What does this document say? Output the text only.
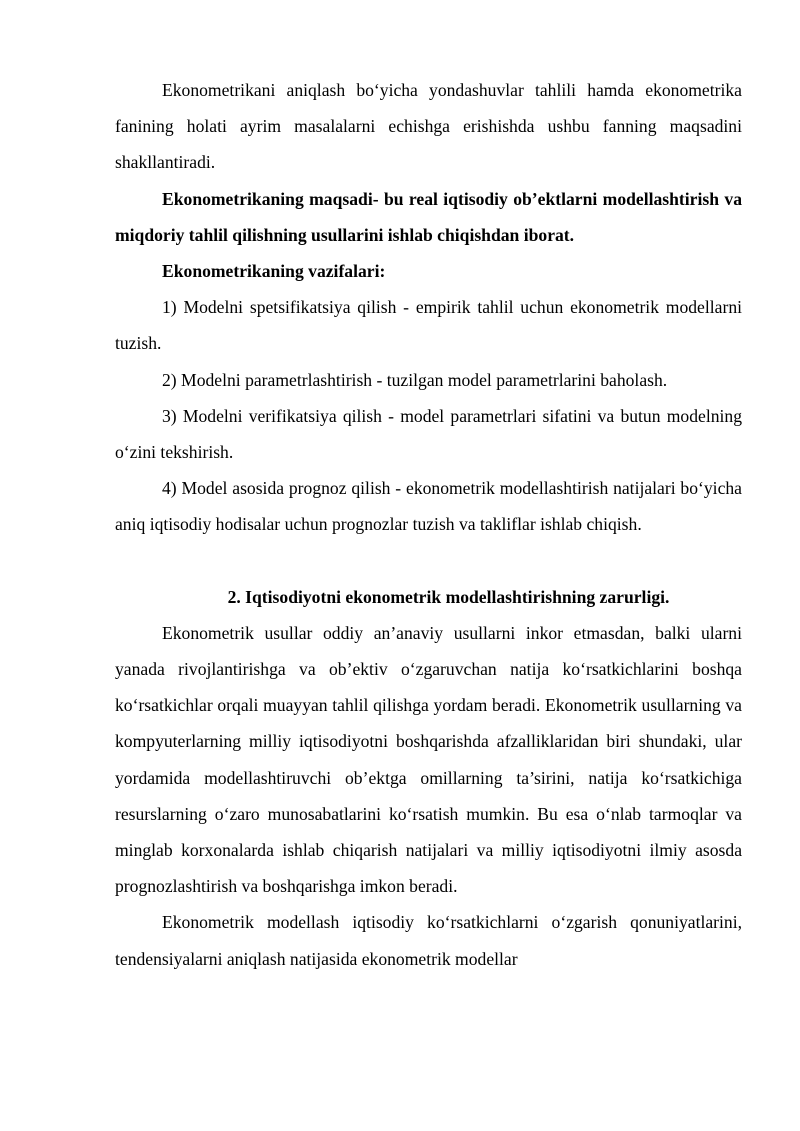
Ekonometrikani aniqlash bo‘yicha yondashuvlar tahlili hamda ekonometrika fanining holati ayrim masalalarni echishga erishishda ushbu fanning maqsadini shakllantiradi.

Ekonometrikaning maqsadi- bu real iqtisodiy ob’ektlarni modellashtirish va miqdoriy tahlil qilishning usullarini ishlab chiqishdan iborat.

Ekonometrikaning vazifalari:

1) Modelni spetsifikatsiya qilish - empirik tahlil uchun ekonometrik modellarni tuzish.

2) Modelni parametrlashtirish - tuzilgan model parametrlarini baholash.

3) Modelni verifikatsiya qilish - model parametrlari sifatini va butun modelning o‘zini tekshirish.

4) Model asosida prognoz qilish - ekonometrik modellashtirish natijalari bo‘yicha aniq iqtisodiy hodisalar uchun prognozlar tuzish va takliflar ishlab chiqish.

2. Iqtisodiyotni ekonometrik modellashtirishning zarurligi.

Ekonometrik usullar oddiy an’anaviy usullarni inkor etmasdan, balki ularni yanada rivojlantirishga va ob’ektiv o‘zgaruvchan natija ko‘rsatkichlarini boshqa ko‘rsatkichlar orqali muayyan tahlil qilishga yordam beradi. Ekonometrik usullarning va kompyuterlarning milliy iqtisodiyotni boshqarishda afzalliklaridan biri shundaki, ular yordamida modellashtiruvchi ob’ektga omillarning ta’sirini, natija ko‘rsatkichiga resurslarning o‘zaro munosabatlarini ko‘rsatish mumkin. Bu esa o‘nlab tarmoqlar va minglab korxonalarda ishlab chiqarish natijalari va milliy iqtisodiyotni ilmiy asosda prognozlashtirish va boshqarishga imkon beradi.

Ekonometrik modellash iqtisodiy ko‘rsatkichlarni o‘zgarish qonuniyatlarini, tendensiyalarni aniqlash natijasida ekonometrik modellar
